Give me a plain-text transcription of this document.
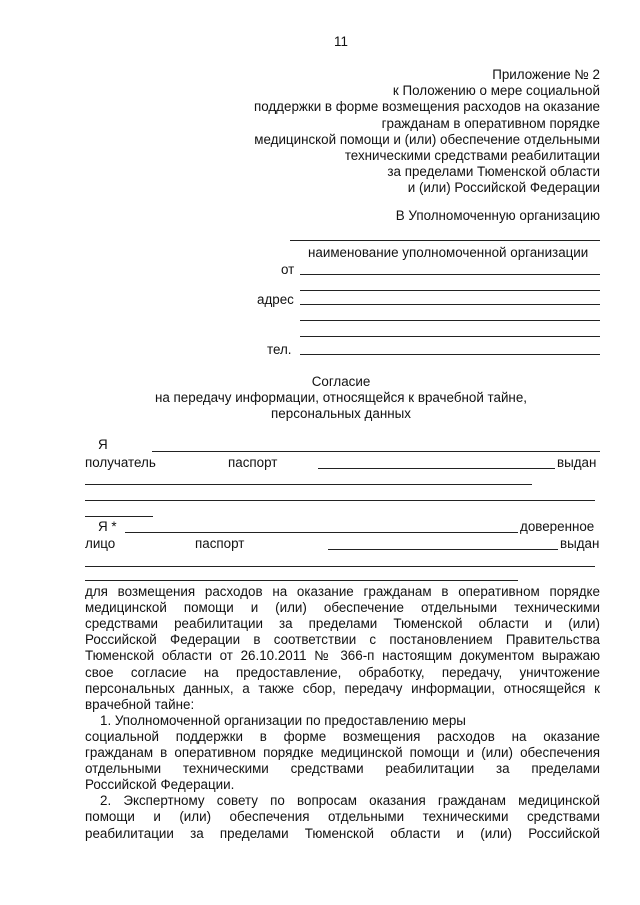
11
Приложение № 2
к Положению о мере социальной
поддержки в форме возмещения расходов на оказание
гражданам в оперативном порядке
медицинской помощи и (или) обеспечение отдельными
техническими средствами реабилитации
за пределами Тюменской области
и (или) Российской Федерации
В Уполномоченную организацию
наименование уполномоченной организации
от
адрес
тел.
Согласие
на передачу информации, относящейся к врачебной тайне,
персональных данных
Я
получатель	паспорт	выдан
Я *	доверенное
лицо	паспорт	выдан
для возмещения расходов на оказание гражданам в оперативном порядке
медицинской помощи и (или) обеспечение отдельными техническими
средствами реабилитации за пределами Тюменской области и (или)
Российской Федерации в соответствии с постановлением Правительства
Тюменской области от 26.10.2011 № 366-п настоящим документом выражаю
свое согласие на предоставление, обработку, передачу, уничтожение
персональных данных, а также сбор, передачу информации, относящейся к
врачебной тайне:
1. Уполномоченной организации по предоставлению меры
социальной поддержки в форме возмещения расходов на оказание
гражданам в оперативном порядке медицинской помощи и (или) обеспечения
отдельными техническими средствами реабилитации за пределами
Российской Федерации.
2. Экспертному совету по вопросам оказания гражданам медицинской
помощи и (или) обеспечения отдельными техническими средствами
реабилитации за пределами Тюменской области и (или) Российской
